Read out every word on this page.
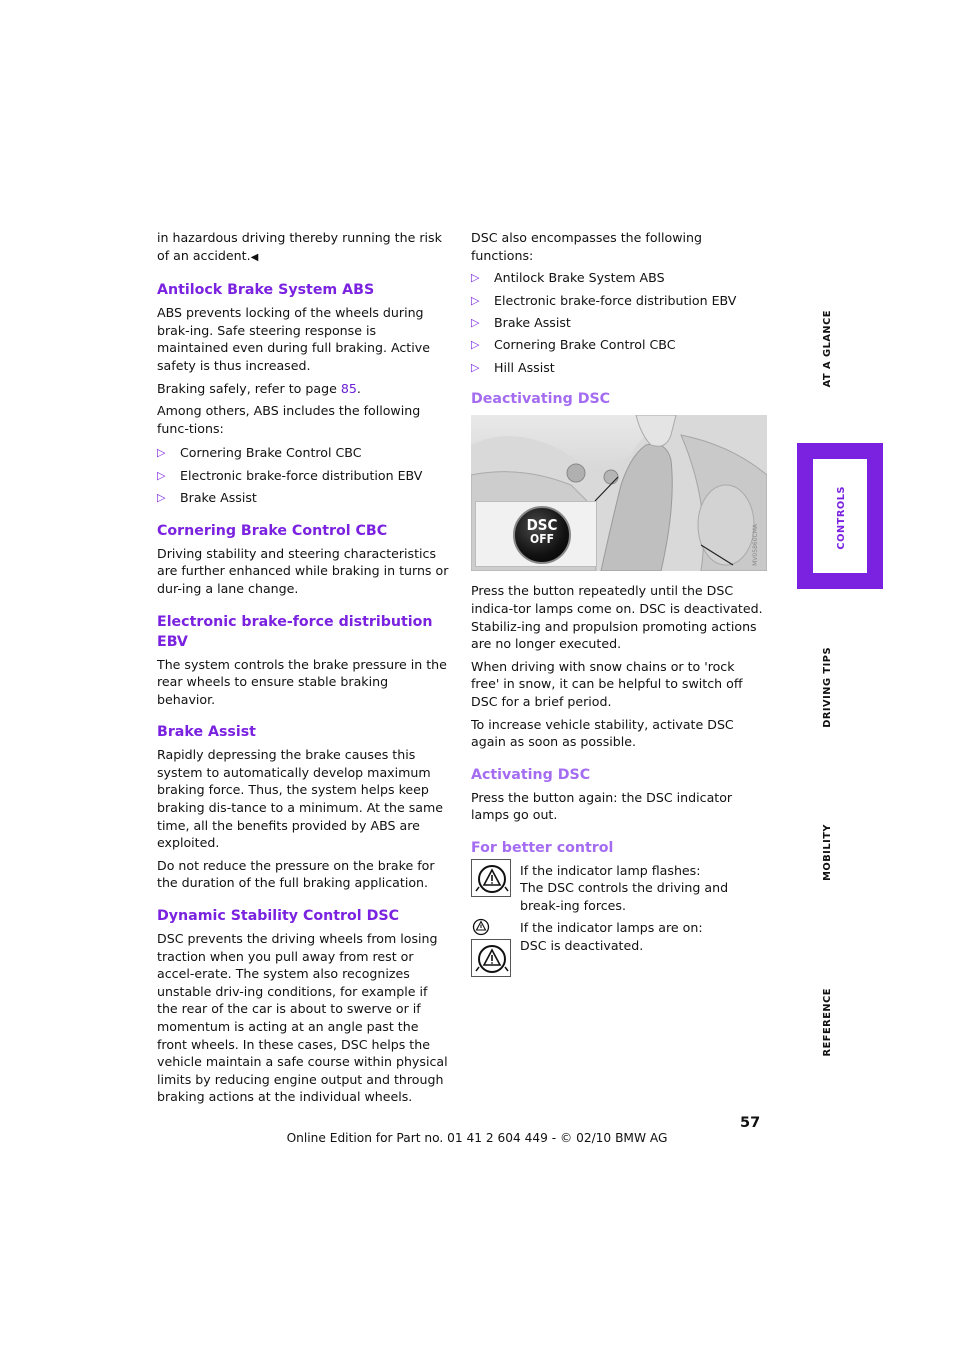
in hazardous driving thereby running the risk of an accident.◀

Antilock Brake System ABS

ABS prevents locking of the wheels during brak-ing. Safe steering response is maintained even during full braking. Active safety is thus increased.

Braking safely, refer to page 85.

Among others, ABS includes the following func-tions:

▷ Cornering Brake Control CBC
▷ Electronic brake-force distribution EBV
▷ Brake Assist
Cornering Brake Control CBC

Driving stability and steering characteristics are further enhanced while braking in turns or dur-ing a lane change.

Electronic brake-force distribution EBV

The system controls the brake pressure in the rear wheels to ensure stable braking behavior.

Brake Assist

Rapidly depressing the brake causes this system to automatically develop maximum braking force. Thus, the system helps keep braking dis-tance to a minimum. At the same time, all the benefits provided by ABS are exploited.

Do not reduce the pressure on the brake for the duration of the full braking application.

Dynamic Stability Control DSC

DSC prevents the driving wheels from losing traction when you pull away from rest or accel-erate. The system also recognizes unstable driv-ing conditions, for example if the rear of the car is about to swerve or if momentum is acting at an angle past the front wheels. In these cases, DSC helps the vehicle maintain a safe course within physical limits by reducing engine output and through braking actions at the individual wheels.

DSC also encompasses the following functions:

▷ Antilock Brake System ABS
▷ Electronic brake-force distribution EBV
▷ Brake Assist
▷ Cornering Brake Control CBC
▷ Hill Assist
Deactivating DSC
DSC
OFF	MV05860CMA

Press the button repeatedly until the DSC indica-tor lamps come on. DSC is deactivated. Stabiliz-ing and propulsion promoting actions are no longer executed.

When driving with snow chains or to 'rock free' in snow, it can be helpful to switch off DSC for a brief period.

To increase vehicle stability, activate DSC again as soon as possible.

Activating DSC

Press the button again: the DSC indicator lamps go out.

For better control
If the indicator lamp flashes:
The DSC controls the driving and break-ing forces.
If the indicator lamps are on:
DSC is deactivated.
AT A GLANCE
CONTROLS
DRIVING TIPS
MOBILITY
REFERENCE
57
Online Edition for Part no. 01 41 2 604 449 - © 02/10 BMW AG
